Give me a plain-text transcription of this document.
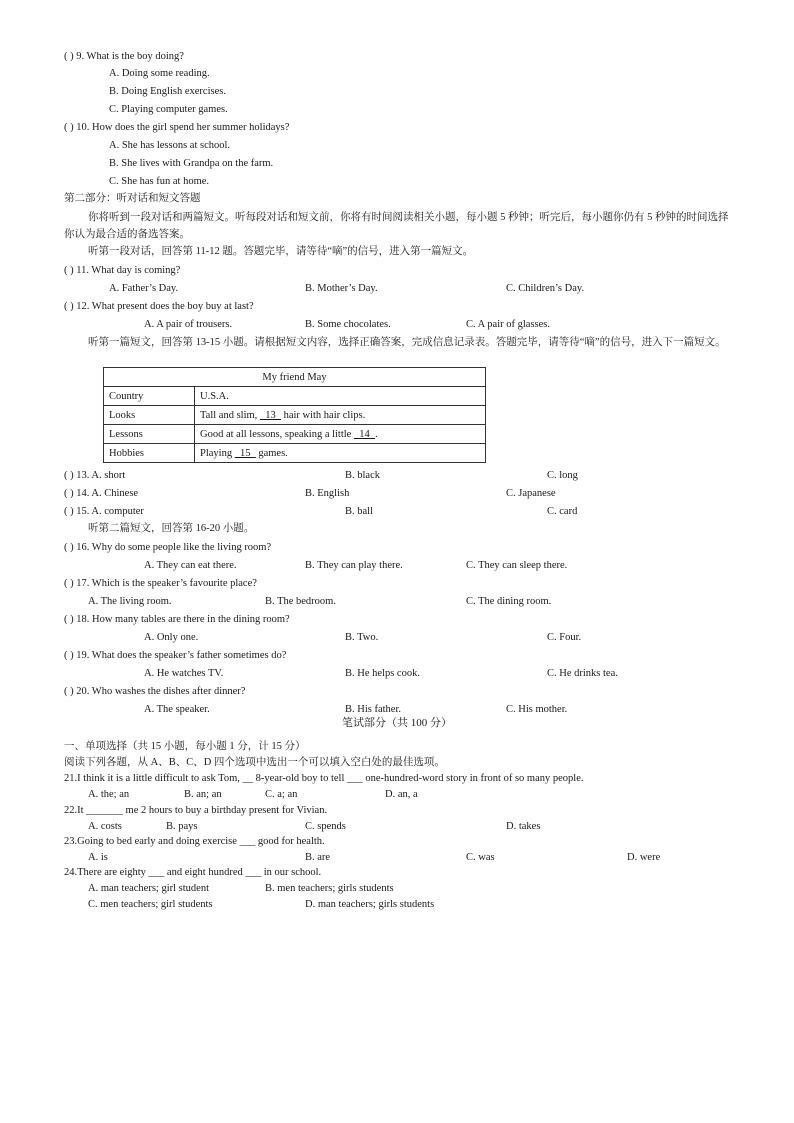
( ) 9. What is the boy doing?
A. Doing some reading.
B. Doing English exercises.
C. Playing computer games.
( ) 10. How does the girl spend her summer holidays?
A. She has lessons at school.
B. She lives with Grandpa on the farm.
C. She has fun at home.
第二部分：听对话和短文答题
你将听到一段对话和两篇短文。听每段对话和短文前，你将有时间阅读相关小题，每小题 5 秒钟；听完后，每小题你仍有 5 秒钟的时间选择你认为最合适的备选答案。
听第一段对话，回答第 11-12 题。答题完毕，请等待“嘀”的信号，进入第一篇短文。
( ) 11. What day is coming?
A. Father’s Day.	B. Mother’s Day.	C. Children’s Day.
( ) 12. What present does the boy buy at last?
A. A pair of trousers.	B. Some chocolates.	C. A pair of glasses.
听第一篇短文，回答第 13-15 小题。请根据短文内容，选择正确答案，完成信息记录表。答题完毕，请等待“嘀”的信号，进入下一篇短文。
My friend May	
Country	U.S.A.
Looks	Tall and slim, _13_ hair with hair clips.
Lessons	Good at all lessons, speaking a little _14_.
Hobbies	Playing _15_ games.
( ) 13. A. short	B. black	C. long
( ) 14. A. Chinese	B. English	C. Japanese
( ) 15. A. computer	B. ball	C. card
听第二篇短文，回答第 16-20 小题。
( ) 16. Why do some people like the living room?
A. They can eat there.	B. They can play there.	C. They can sleep there.
( ) 17. Which is the speaker’s favourite place?
A. The living room.	B. The bedroom.	C. The dining room.
( ) 18. How many tables are there in the dining room?
A. Only one.	B. Two.	C. Four.
( ) 19. What does the speaker’s father sometimes do?
A. He watches TV.	B. He helps cook.	C. He drinks tea.
( ) 20. Who washes the dishes after dinner?
A. The speaker.	B. His father.	C. His mother.
笔试部分（共 100 分）
一、单项选择（共 15 小题，每小题 1 分，计 15 分）
阅读下列各题，从 A、B、C、D 四个选项中选出一个可以填入空白处的最佳选项。
21.I think it is a little difficult to ask Tom, __ 8-year-old boy to tell ___ one-hundred-word story in front of so many people.
A. the; an	B. an; an	C. a; an	D. an, a
22.It _______ me 2 hours to buy a birthday present for Vivian.
A. costs	B. pays	C. spends	D. takes
23.Going to bed early and doing exercise ___ good for health.
A. is	B. are	C. was	D. were
24.There are eighty ___ and eight hundred ___ in our school.
A. man teachers; girl student	B. men teachers; girls students
C. men teachers; girl students	D. man teachers; girls students
